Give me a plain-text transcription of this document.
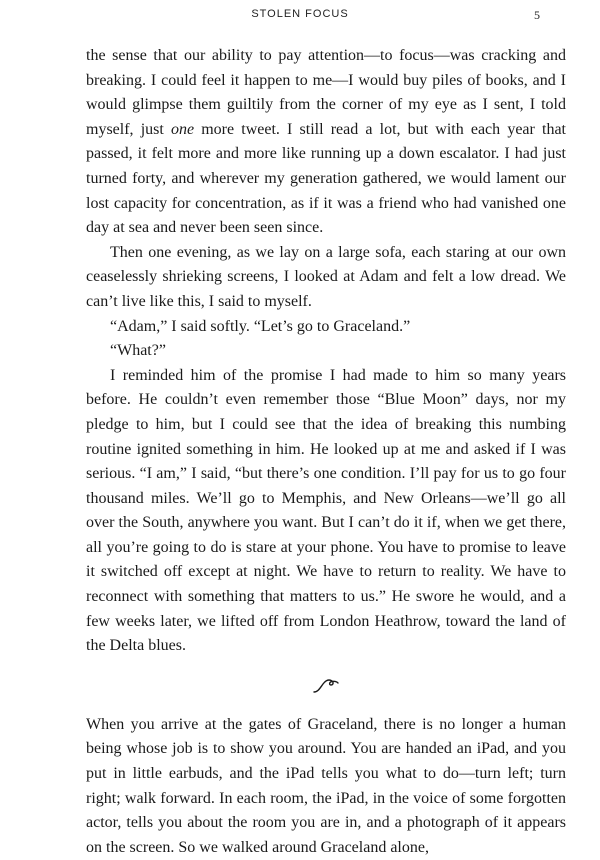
STOLEN FOCUS	5

the sense that our ability to pay attention—to focus—was cracking and breaking. I could feel it happen to me—I would buy piles of books, and I would glimpse them guiltily from the corner of my eye as I sent, I told myself, just one more tweet. I still read a lot, but with each year that passed, it felt more and more like running up a down escalator. I had just turned forty, and wherever my generation gathered, we would lament our lost capacity for concentration, as if it was a friend who had vanished one day at sea and never been seen since.

Then one evening, as we lay on a large sofa, each staring at our own ceaselessly shrieking screens, I looked at Adam and felt a low dread. We can’t live like this, I said to myself.

“Adam,” I said softly. “Let’s go to Graceland.”

“What?”

I reminded him of the promise I had made to him so many years before. He couldn’t even remember those “Blue Moon” days, nor my pledge to him, but I could see that the idea of breaking this numbing routine ignited something in him. He looked up at me and asked if I was serious. “I am,” I said, “but there’s one condition. I’ll pay for us to go four thousand miles. We’ll go to Memphis, and New Orleans—we’ll go all over the South, anywhere you want. But I can’t do it if, when we get there, all you’re going to do is stare at your phone. You have to promise to leave it switched off except at night. We have to return to reality. We have to reconnect with something that matters to us.” He swore he would, and a few weeks later, we lifted off from London Heathrow, toward the land of the Delta blues.

When you arrive at the gates of Graceland, there is no longer a human being whose job is to show you around. You are handed an iPad, and you put in little earbuds, and the iPad tells you what to do—turn left; turn right; walk forward. In each room, the iPad, in the voice of some forgotten actor, tells you about the room you are in, and a photograph of it appears on the screen. So we walked around Graceland alone,
